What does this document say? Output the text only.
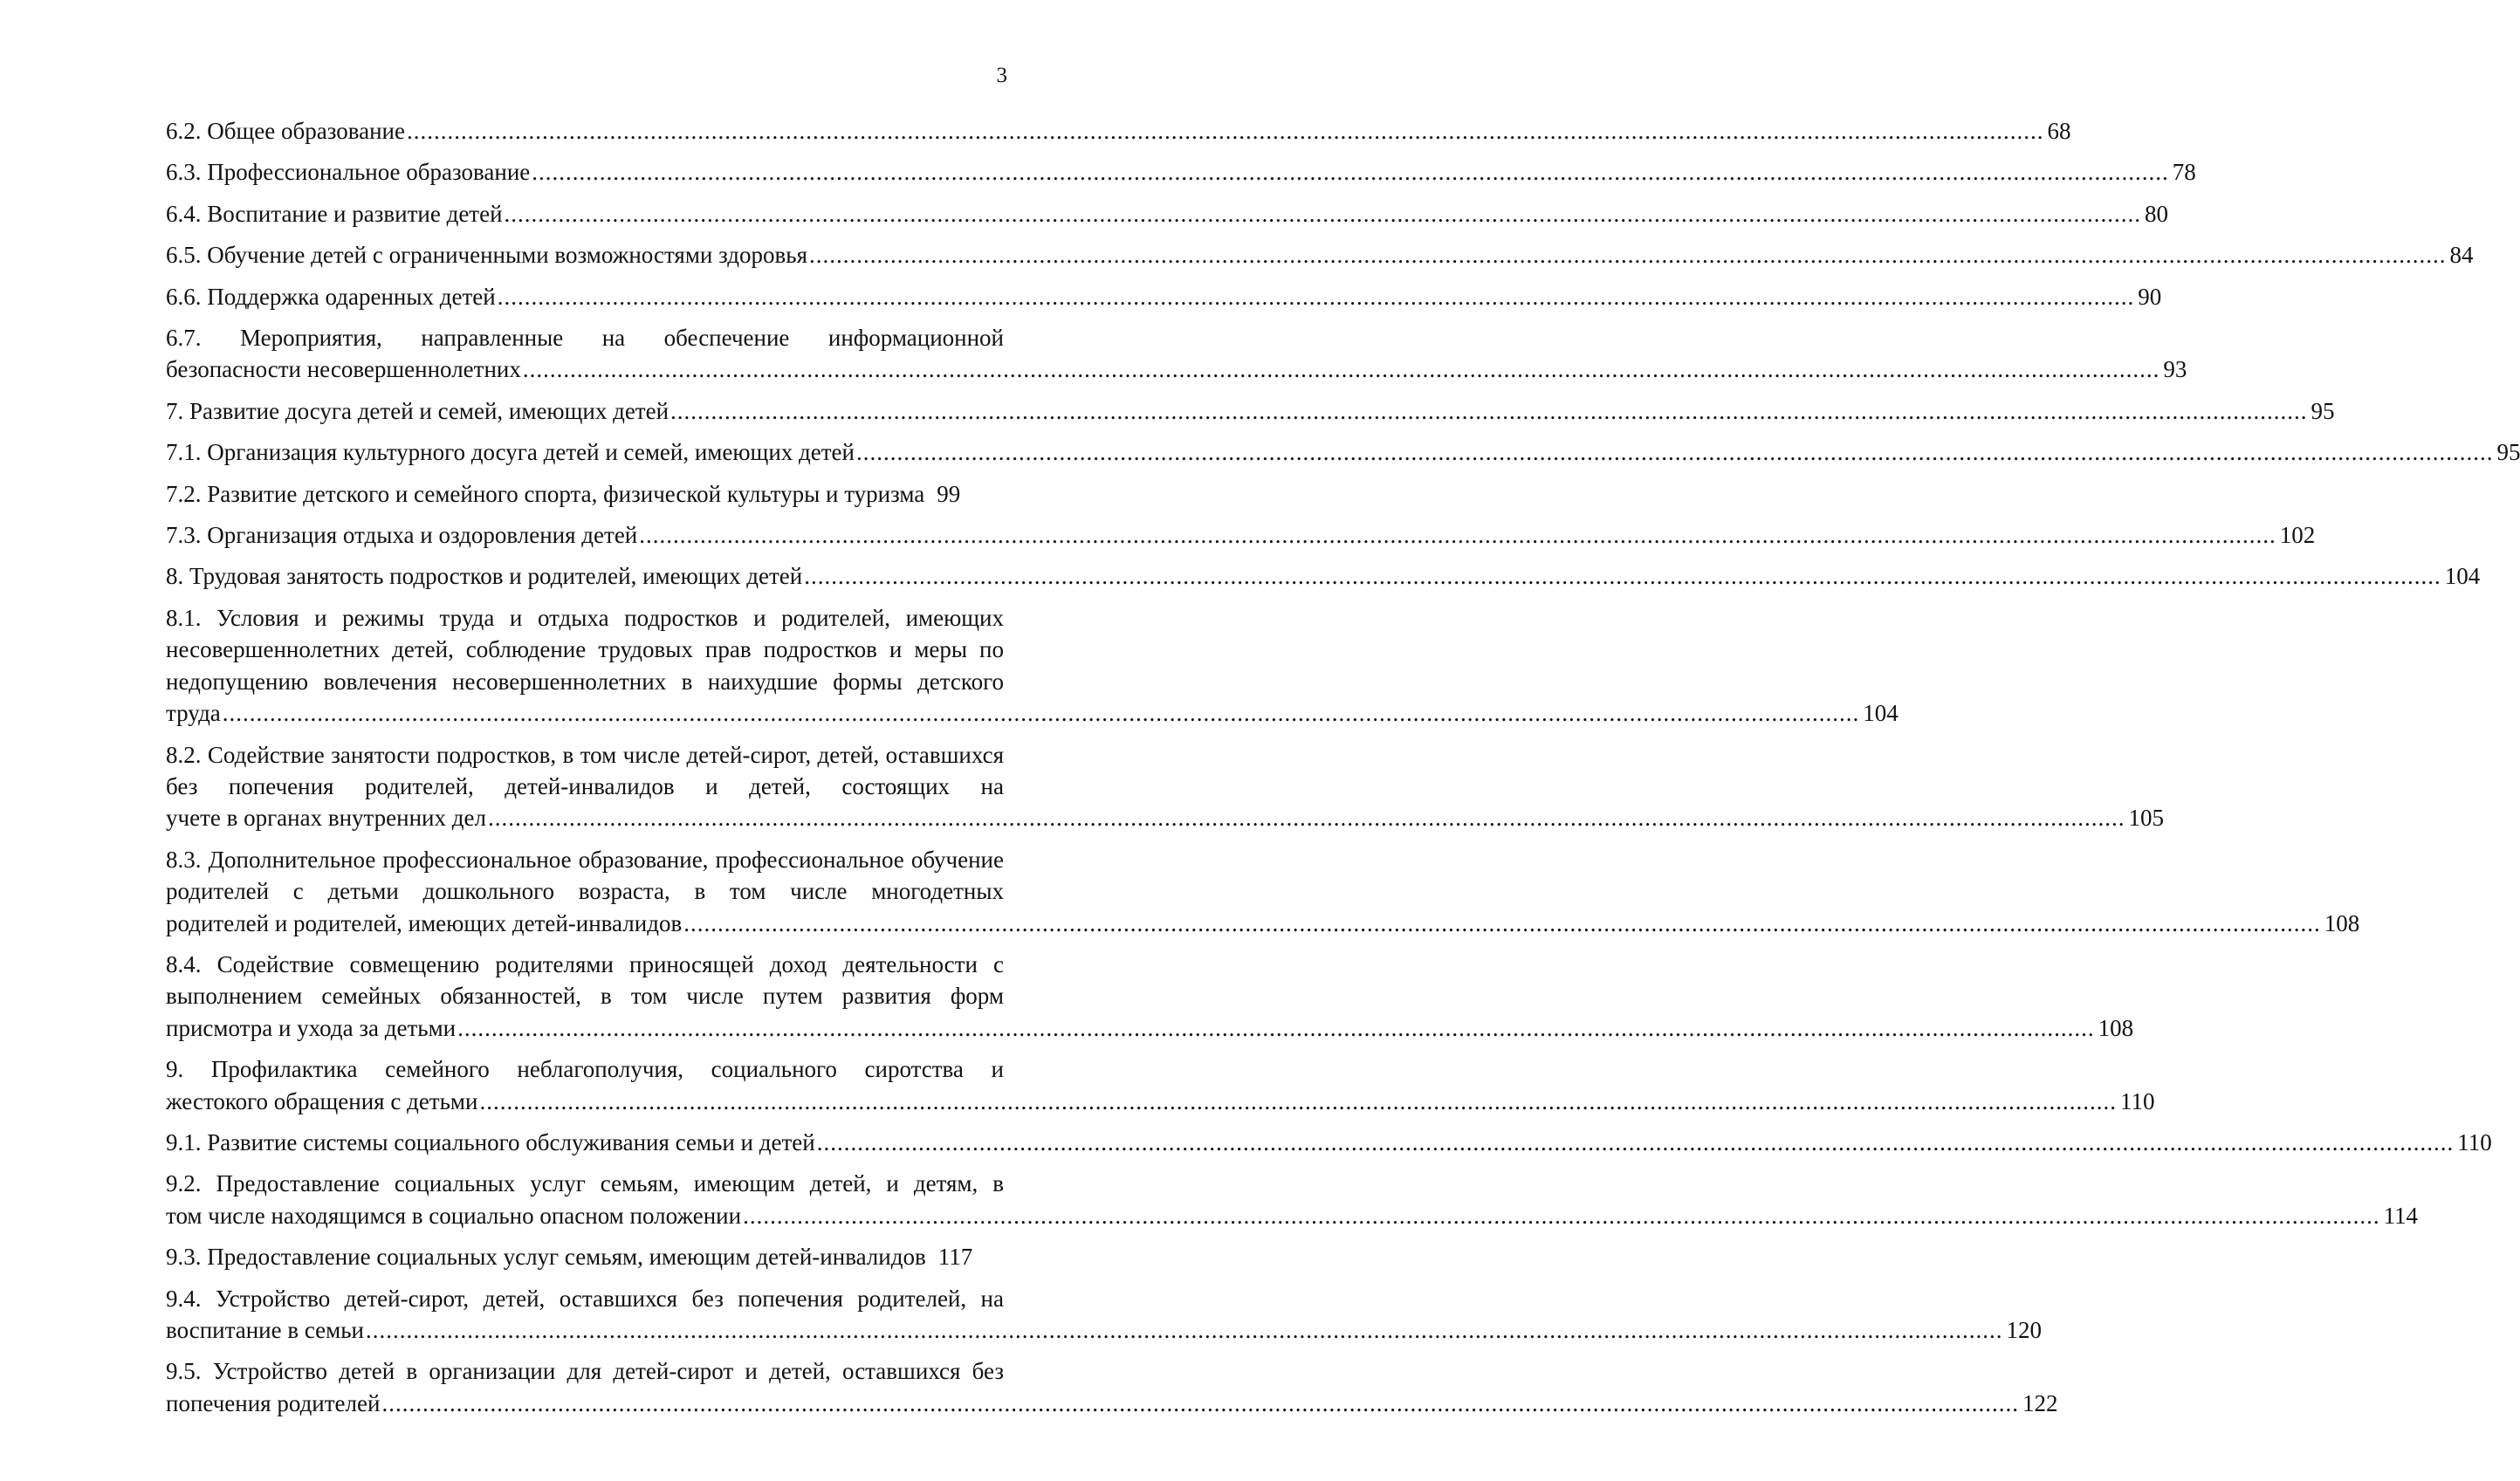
3
6.2. Общее образование .....	68
6.3. Профессиональное образование .....	78
6.4. Воспитание и развитие детей .....	80
6.5. Обучение детей с ограниченными возможностями здоровья .....	84
6.6. Поддержка одаренных детей .....	90
6.7. Мероприятия, направленные на обеспечение информационной
безопасности несовершеннолетних .....	93
7. Развитие досуга детей и семей, имеющих детей .....	95
7.1. Организация культурного досуга детей и семей, имеющих детей .....	95
7.2. Развитие детского и семейного спорта, физической культуры и туризма 99
7.3. Организация отдыха и оздоровления детей .....	102
8. Трудовая занятость подростков и родителей, имеющих детей .....	104
8.1. Условия и режимы труда и отдыха подростков и родителей, имеющих несовершеннолетних детей, соблюдение трудовых прав подростков и меры по недопущению вовлечения несовершеннолетних в наихудшие формы детского
труда .....	104
8.2. Содействие занятости подростков, в том числе детей-сирот, детей, оставшихся без попечения родителей, детей-инвалидов и детей, состоящих на
учете в органах внутренних дел .....	105
8.3. Дополнительное профессиональное образование, профессиональное обучение родителей с детьми дошкольного возраста, в том числе многодетных
родителей и родителей, имеющих детей-инвалидов .....	108
8.4. Содействие совмещению родителями приносящей доход деятельности с выполнением семейных обязанностей, в том числе путем развития форм
присмотра и ухода за детьми .....	108
9. Профилактика семейного неблагополучия, социального сиротства и
жестокого обращения с детьми .....	110
9.1. Развитие системы социального обслуживания семьи и детей .....	110
9.2. Предоставление социальных услуг семьям, имеющим детей, и детям, в
том числе находящимся в социально опасном положении .....	114
9.3. Предоставление социальных услуг семьям, имеющим детей-инвалидов 117
9.4. Устройство детей-сирот, детей, оставшихся без попечения родителей, на
воспитание в семьи .....	120
9.5. Устройство детей в организации для детей-сирот и детей, оставшихся без
попечения родителей .....	122
